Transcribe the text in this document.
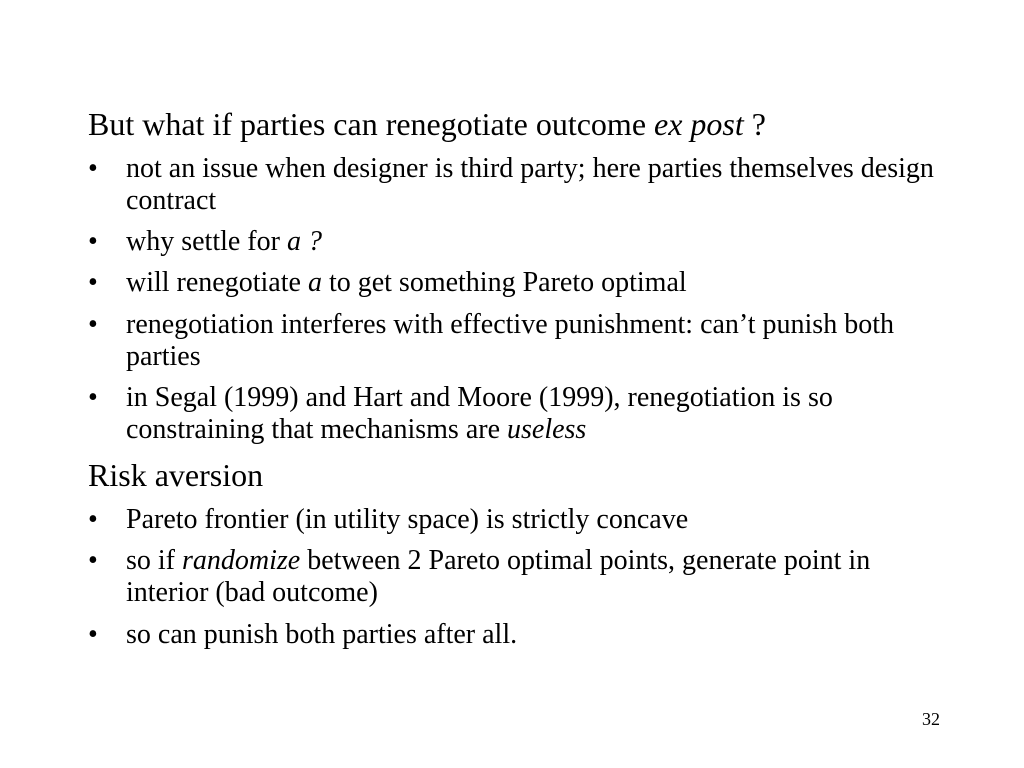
But what if parties can renegotiate outcome ex post ?
•	not an issue when designer is third party; here parties themselves design contract
•	why settle for a ?
•	will renegotiate a to get something Pareto optimal
•	renegotiation interferes with effective punishment: can’t punish both parties
•	in Segal (1999) and Hart and Moore (1999), renegotiation is so constraining that mechanisms are useless
Risk aversion
•	Pareto frontier (in utility space) is strictly concave
•	so if randomize between 2 Pareto optimal points, generate point in interior (bad outcome)
•	so can punish both parties after all.
32
